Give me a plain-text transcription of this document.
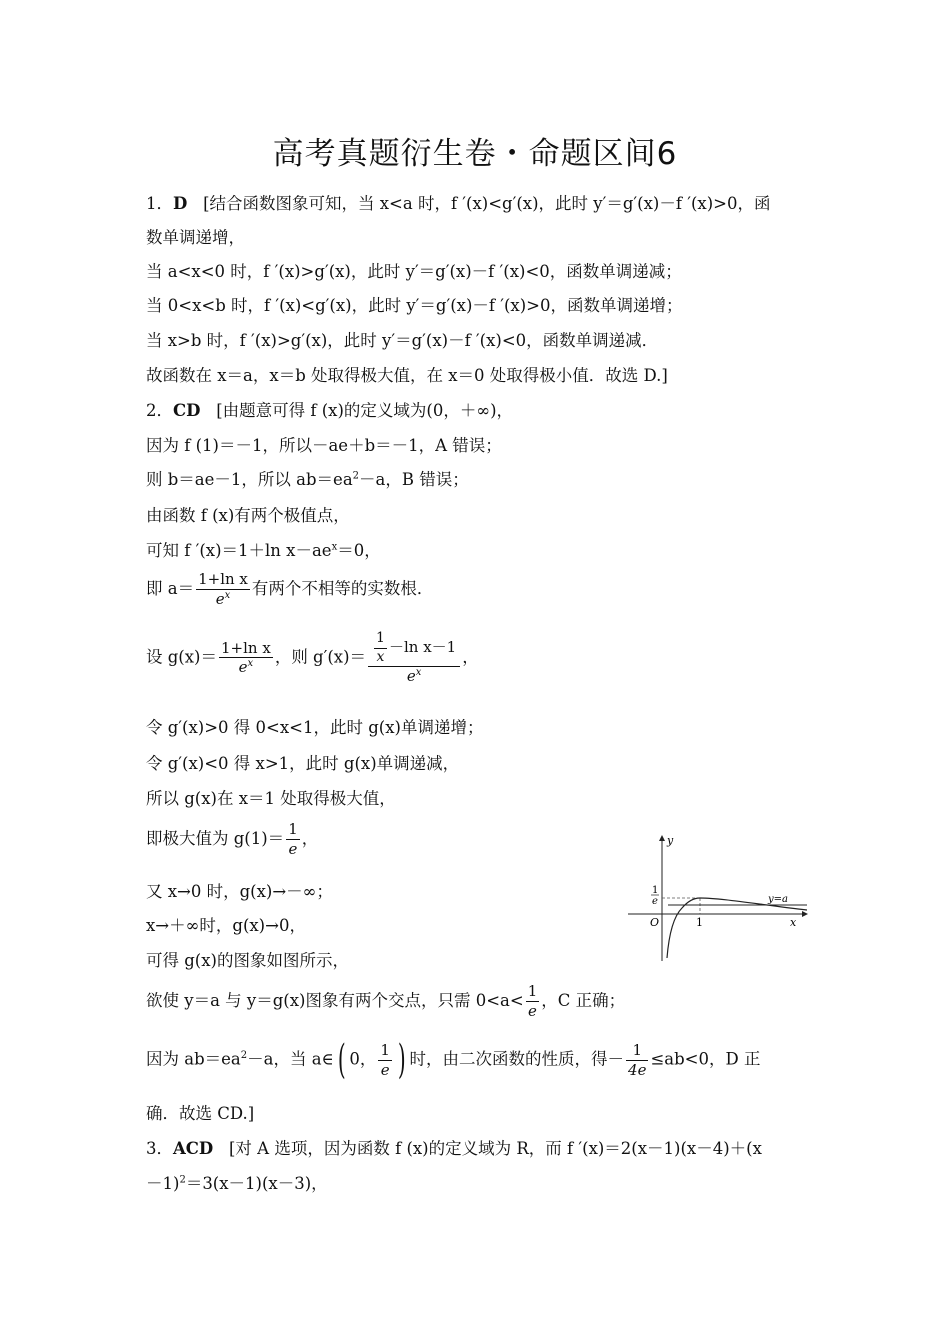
高考真题衍生卷・命题区间6
1．D [结合函数图象可知，当 x<a 时，f ′(x)<g′(x)，此时 y′＝g′(x)－f ′(x)>0，函
数单调递增，
当 a<x<0 时，f ′(x)>g′(x)，此时 y′＝g′(x)－f ′(x)<0，函数单调递减；
当 0<x<b 时，f ′(x)<g′(x)，此时 y′＝g′(x)－f ′(x)>0，函数单调递增；
当 x>b 时，f ′(x)>g′(x)，此时 y′＝g′(x)－f ′(x)<0，函数单调递减．
故函数在 x＝a，x＝b 处取得极大值，在 x＝0 处取得极小值．故选 D.]
2．CD [由题意可得 f (x)的定义域为(0，＋∞)，
因为 f (1)＝－1，所以－ae＋b＝－1，A 错误；
则 b＝ae－1，所以 $ab=ea^2-a$，B 错误；
由函数 f (x)有两个极值点，
可知 f ′(x)＝1＋ln $x-ae^x=0$，
即 $a= \frac{\text{1+ln x}}{e^x}$ 有两个不相等的实数根．
设 $g(x)= \frac{\text{1+ln x}}{e^x}$ ，则 $g'(x)= \frac{\frac{1}{x} -\ln x-1}{e^x}$ ，
令 g′(x)>0 得 0<x<1，此时 g(x)单调递增；
令 g′(x)<0 得 x>1，此时 g(x)单调递减，
所以 g(x)在 x＝1 处取得极大值，
即极大值为 $g(1)= \frac{1}{e}$ ，
又 x→0 时，g(x)→－∞；
x→＋∞时，g(x)→0，
可得 g(x)的图象如图所示，
欲使 y＝a 与 y＝g(x)图象有两个交点，只需 $0<a< \frac{1}{e}$ ，C 正确；
因为 $ab=ea^2-a$，当 a∈( 0， $\frac{1}{e}$ ) 时，由二次函数的性质，得－ $\frac{1}{4e} \le ab<0$，D 正
确．故选 CD.]
3．ACD [对 A 选项，因为函数 f (x)的定义域为 R，而 f ′(x)＝2(x－1)(x－4)＋(x
－1)$^2$＝3(x－1)(x－3)，
y
x
O	1
1
e	y=a
